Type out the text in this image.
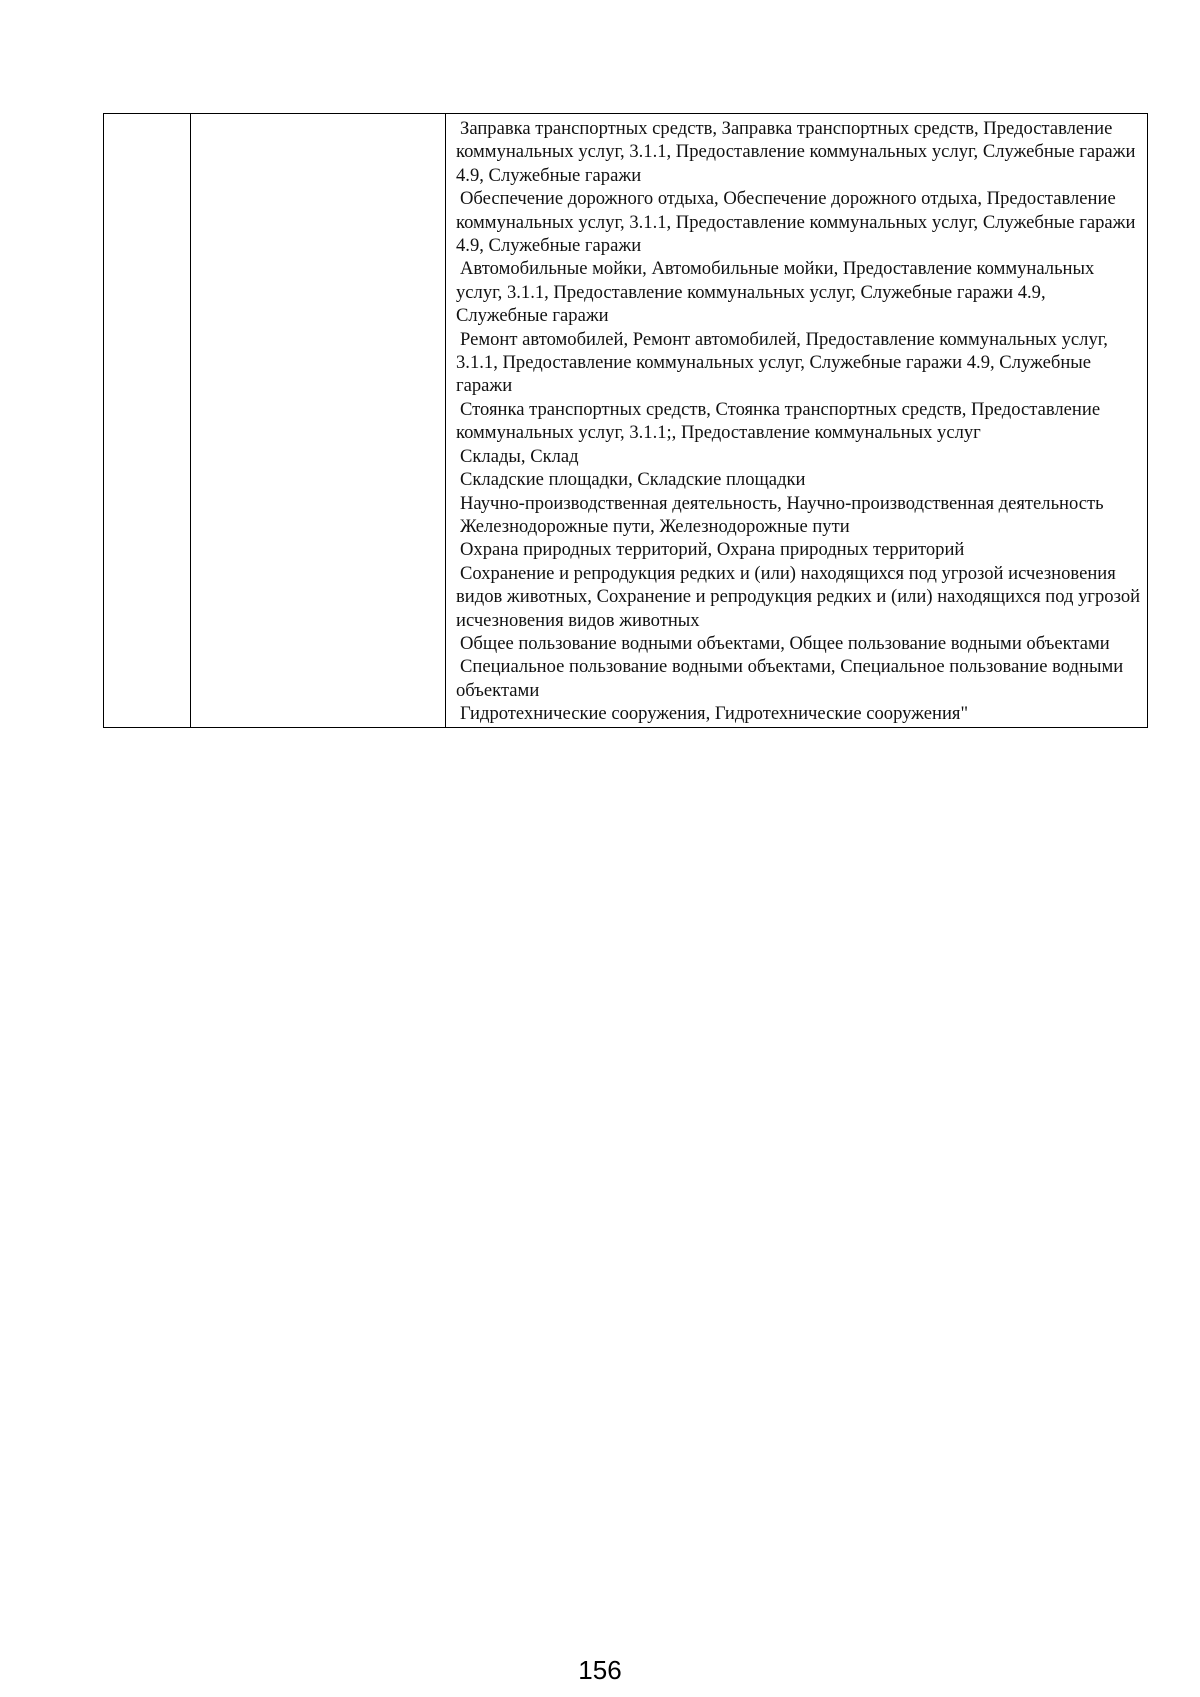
Заправка транспортных средств, Заправка транспортных средств, Предоставление коммунальных услуг, 3.1.1, Предоставление коммунальных услуг, Служебные гаражи 4.9, Служебные гаражи
Обеспечение дорожного отдыха, Обеспечение дорожного отдыха, Предоставление коммунальных услуг, 3.1.1, Предоставление коммунальных услуг, Служебные гаражи 4.9, Служебные гаражи
Автомобильные мойки, Автомобильные мойки, Предоставление коммунальных услуг, 3.1.1, Предоставление коммунальных услуг, Служебные гаражи 4.9, Служебные гаражи
Ремонт автомобилей, Ремонт автомобилей, Предоставление коммунальных услуг, 3.1.1, Предоставление коммунальных услуг, Служебные гаражи 4.9, Служебные гаражи
Стоянка транспортных средств, Стоянка транспортных средств, Предоставление коммунальных услуг, 3.1.1;, Предоставление коммунальных услуг
Склады, Склад
Складские площадки, Складские площадки
Научно-производственная деятельность, Научно-производственная деятельность
Железнодорожные пути, Железнодорожные пути
Охрана природных территорий, Охрана природных территорий
Сохранение и репродукция редких и (или) находящихся под угрозой исчезновения видов животных, Сохранение и репродукция редких и (или) находящихся под угрозой исчезновения видов животных
Общее пользование водными объектами, Общее пользование водными объектами
Специальное пользование водными объектами, Специальное пользование водными объектами
Гидротехнические сооружения, Гидротехнические сооружения"
156
